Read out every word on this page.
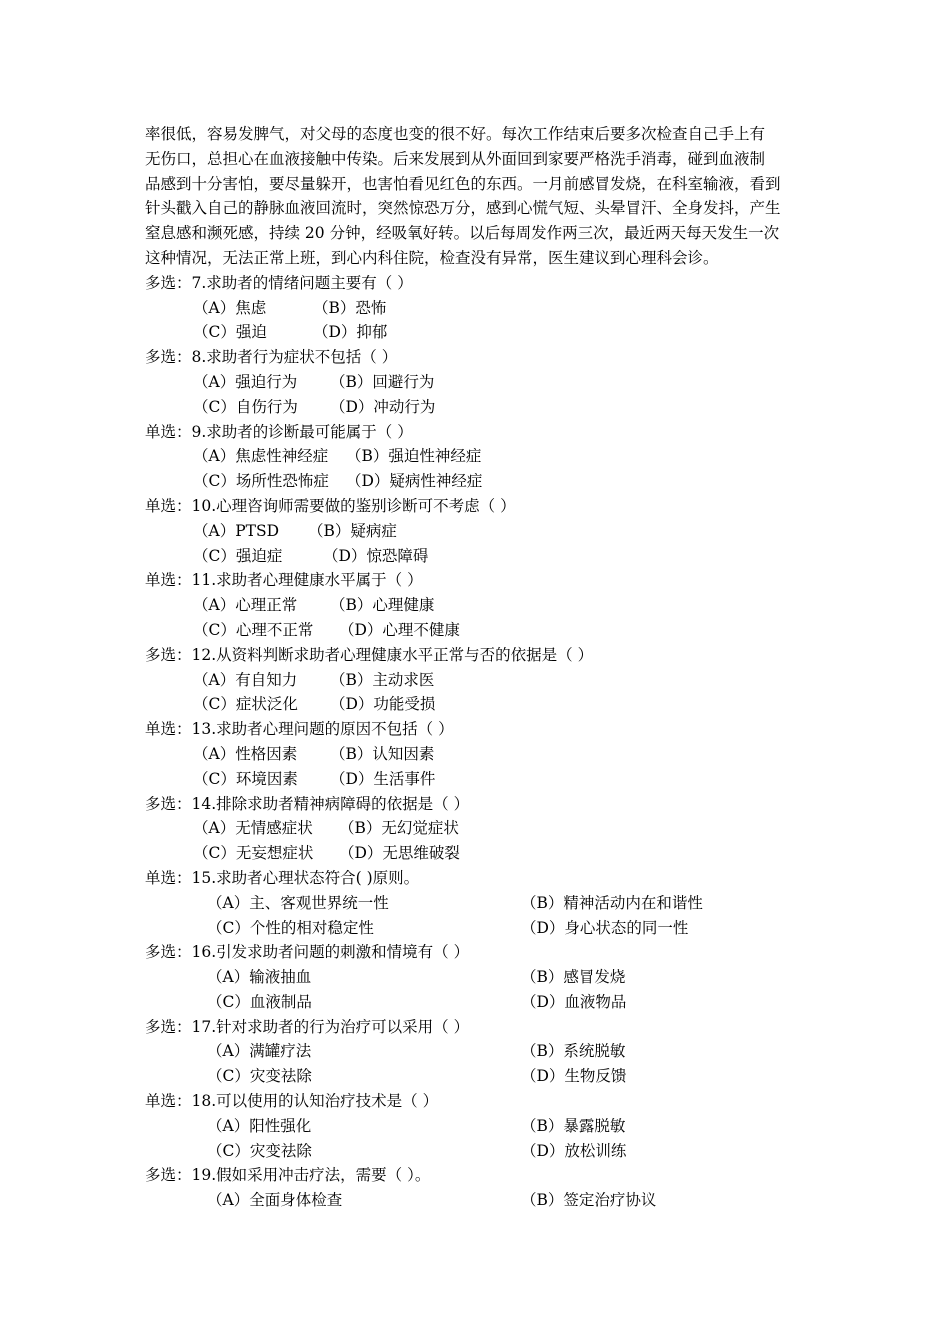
率很低，容易发脾气，对父母的态度也变的很不好。每次工作结束后要多次检查自己手上有
无伤口，总担心在血液接触中传染。后来发展到从外面回到家要严格洗手消毒，碰到血液制
品感到十分害怕，要尽量躲开，也害怕看见红色的东西。一月前感冒发烧，在科室输液，看到
针头戳入自己的静脉血液回流时，突然惊恐万分，感到心慌气短、头晕冒汗、全身发抖，产生
窒息感和濒死感，持续 20 分钟，经吸氧好转。以后每周发作两三次，最近两天每天发生一次
这种情况，无法正常上班，到心内科住院，检查没有异常，医生建议到心理科会诊。
多选：7.求助者的情绪问题主要有（ ）
（A）焦虑	（B）恐怖
（C）强迫	（D）抑郁
多选：8.求助者行为症状不包括（ ）
（A）强迫行为 （B）回避行为
（C）自伤行为 （D）冲动行为
单选：9.求助者的诊断最可能属于（ ）
（A）焦虑性神经症 （B）强迫性神经症
（C）场所性恐怖症 （D）疑病性神经症
单选：10.心理咨询师需要做的鉴别诊断可不考虑（ ）
（A）PTSD （B）疑病症
（C）强迫症	（D）惊恐障碍
单选：11.求助者心理健康水平属于（ ）
（A）心理正常 （B）心理健康
（C）心理不正常 （D）心理不健康
多选：12.从资料判断求助者心理健康水平正常与否的依据是（ ）
（A）有自知力 （B）主动求医
（C）症状泛化 （D）功能受损
单选：13.求助者心理问题的原因不包括（ ）
（A）性格因素 （B）认知因素
（C）环境因素 （D）生活事件
多选：14.排除求助者精神病障碍的依据是（ ）
（A）无情感症状 （B）无幻觉症状
（C）无妄想症状 （D）无思维破裂
单选：15.求助者心理状态符合( )原则。
（A）主、客观世界统一性	（B）精神活动内在和谐性
（C）个性的相对稳定性	（D）身心状态的同一性
多选：16.引发求助者问题的刺激和情境有（ ）
（A）输液抽血	（B）感冒发烧
（C）血液制品	（D）血液物品
多选：17.针对求助者的行为治疗可以采用（ ）
（A）满罐疗法	（B）系统脱敏
（C）灾变祛除	（D）生物反馈
单选：18.可以使用的认知治疗技术是（ ）
（A）阳性强化	（B）暴露脱敏
（C）灾变祛除	（D）放松训练
多选：19.假如采用冲击疗法，需要（ ）。
（A）全面身体检查	（B）签定治疗协议
